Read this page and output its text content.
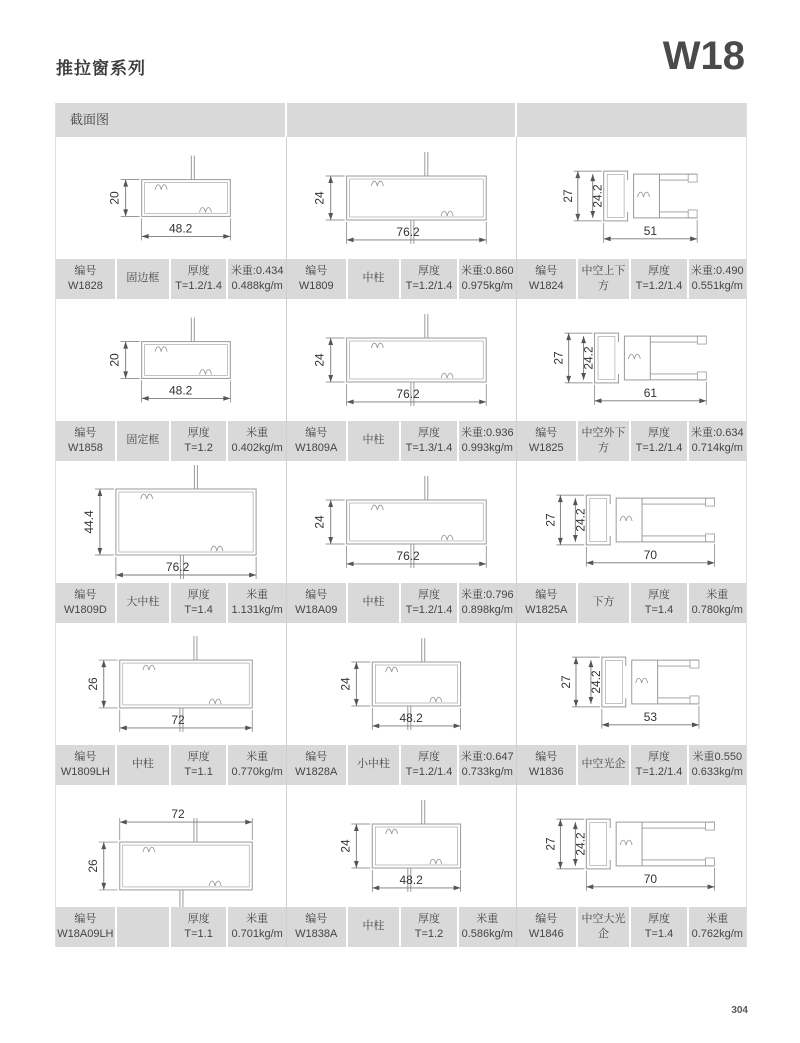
推拉窗系列	W18
截面图
20
48.2
编号
W1828
固边框
厚度
T=1.2/1.4
米重:0.434
0.488kg/m
24
76.2
编号
W1809
中柱
厚度
T=1.2/1.4
米重:0.860
0.975kg/m
27 24.2
51
编号
W1824
中空上下方
厚度
T=1.2/1.4
米重:0.490
0.551kg/m
20
48.2
编号
W1858
固定框
厚度
T=1.2
米重
0.402kg/m
24
76.2
编号
W1809A
中柱
厚度
T=1.3/1.4
米重:0.936
0.993kg/m
27 24.2
61
编号
W1825
中空外下方
厚度
T=1.2/1.4
米重:0.634
0.714kg/m
44.4
76.2
编号
W1809D
大中柱
厚度
T=1.4
米重
1.131kg/m
24
76.2
编号
W18A09
中柱
厚度
T=1.2/1.4
米重:0.796
0.898kg/m
27 24.2
70
编号
W1825A
下方
厚度
T=1.4
米重
0.780kg/m
26
72
编号
W1809LH
中柱
厚度
T=1.1
米重
0.770kg/m
24
48.2
编号
W1828A
小中柱
厚度
T=1.2/1.4
米重:0.647
0.733kg/m
27 24.2
53
编号
W1836
中空光企
厚度
T=1.2/1.4
米重0.550
0.633kg/m
26
72
编号
W18A09LH
厚度
T=1.1
米重
0.701kg/m
24
48.2
编号
W1838A
中柱
厚度
T=1.2
米重
0.586kg/m
27 24.2
70
编号
W1846
中空大光企
厚度
T=1.4
米重
0.762kg/m
304
